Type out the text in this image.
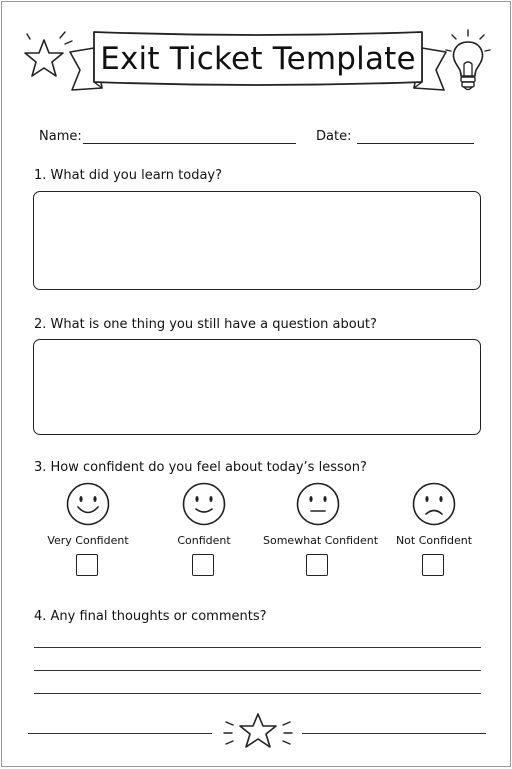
Exit Ticket Template
Name:	Date:
1. What did you learn today?
2. What is one thing you still have a question about?
3. How confident do you feel about today’s lesson?
Very Confident	Confident	Somewhat Confident	Not Confident
4. Any final thoughts or comments?
